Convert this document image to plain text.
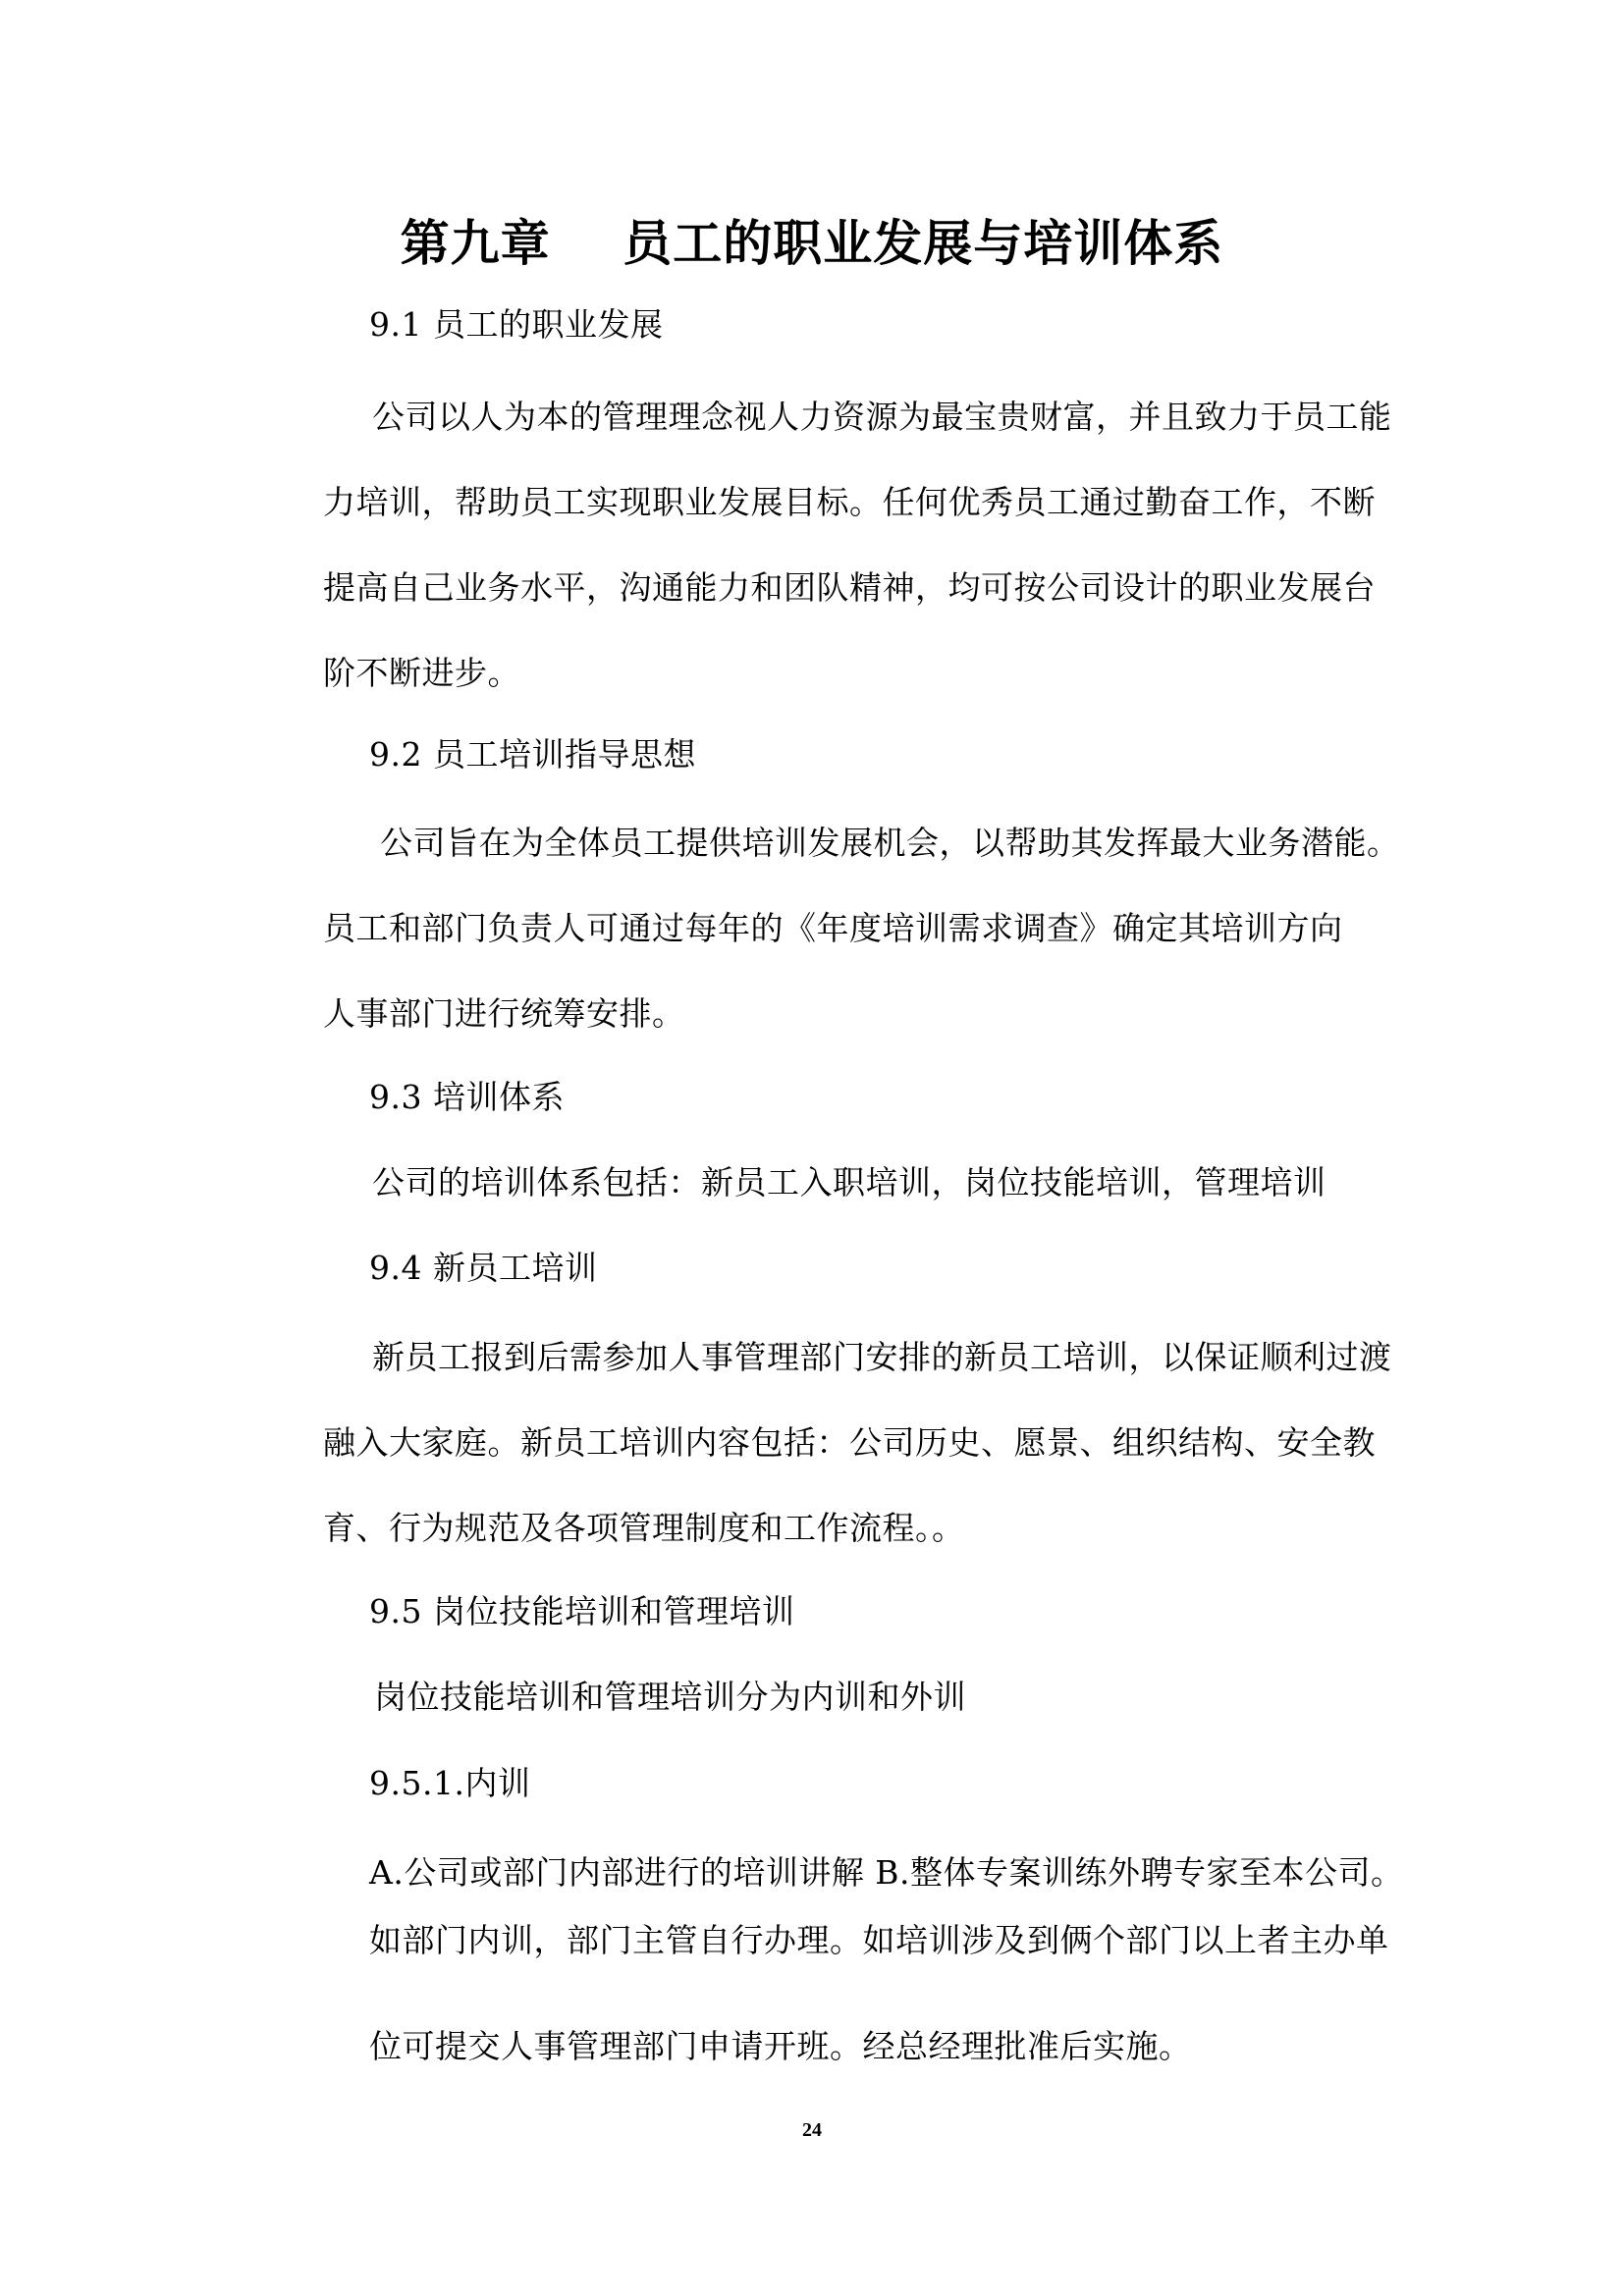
第九章    员工的职业发展与培训体系
9.1 员工的职业发展
公司以人为本的管理理念视人力资源为最宝贵财富，并且致力于员工能
力培训，帮助员工实现职业发展目标。任何优秀员工通过勤奋工作，不断
提高自己业务水平，沟通能力和团队精神，均可按公司设计的职业发展台
阶不断进步。
9.2 员工培训指导思想
公司旨在为全体员工提供培训发展机会，以帮助其发挥最大业务潜能。
员工和部门负责人可通过每年的《年度培训需求调查》确定其培训方向
人事部门进行统筹安排。
9.3 培训体系
公司的培训体系包括：新员工入职培训，岗位技能培训，管理培训
9.4 新员工培训
新员工报到后需参加人事管理部门安排的新员工培训，以保证顺利过渡
融入大家庭。新员工培训内容包括：公司历史、愿景、组织结构、安全教
育、行为规范及各项管理制度和工作流程。。
9.5 岗位技能培训和管理培训
岗位技能培训和管理培训分为内训和外训
9.5.1.内训
A.公司或部门内部进行的培训讲解 B.整体专案训练外聘专家至本公司。
如部门内训，部门主管自行办理。如培训涉及到俩个部门以上者主办单
位可提交人事管理部门申请开班。经总经理批准后实施。
24
